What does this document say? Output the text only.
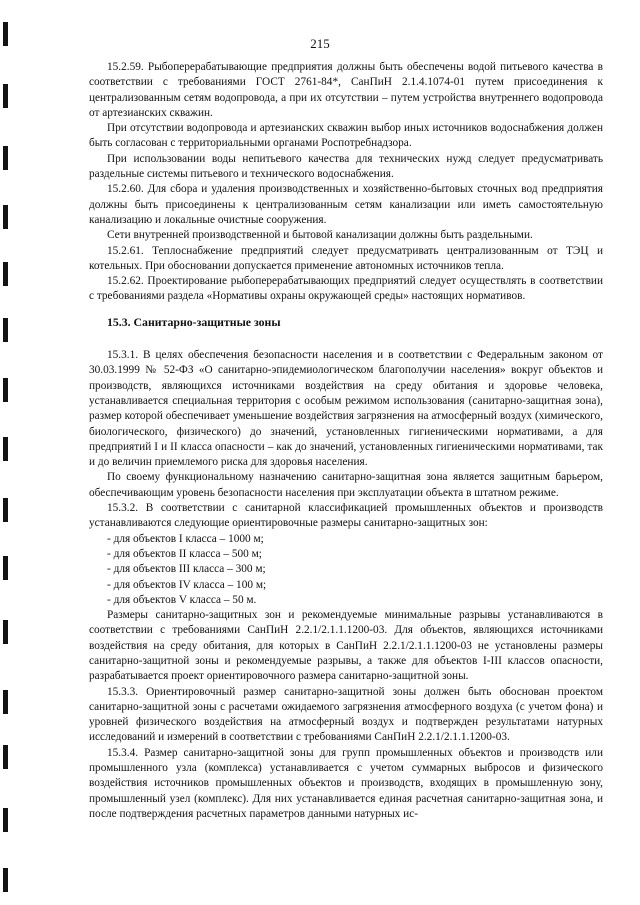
215

15.2.59. Рыбоперерабатывающие предприятия должны быть обеспечены водой питьевого качества в соответствии с требованиями ГОСТ 2761-84*, СанПиН 2.1.4.1074-01 путем присоединения к централизованным сетям водопровода, а при их отсутствии – путем устройства внутреннего водопровода от артезианских скважин.

При отсутствии водопровода и артезианских скважин выбор иных источников водоснабжения должен быть согласован с территориальными органами Роспотребнадзора.

При использовании воды непитьевого качества для технических нужд следует предусматривать раздельные системы питьевого и технического водоснабжения.

15.2.60. Для сбора и удаления производственных и хозяйственно-бытовых сточных вод предприятия должны быть присоединены к централизованным сетям канализации или иметь самостоятельную канализацию и локальные очистные сооружения.

Сети внутренней производственной и бытовой канализации должны быть раздельными.

15.2.61. Теплоснабжение предприятий следует предусматривать централизованным от ТЭЦ и котельных. При обосновании допускается применение автономных источников тепла.

15.2.62. Проектирование рыбоперерабатывающих предприятий следует осуществлять в соответствии с требованиями раздела «Нормативы охраны окружающей среды» настоящих нормативов.

15.3. Санитарно-защитные зоны

15.3.1. В целях обеспечения безопасности населения и в соответствии с Федеральным законом от 30.03.1999 № 52-ФЗ «О санитарно-эпидемиологическом благополучии населения» вокруг объектов и производств, являющихся источниками воздействия на среду обитания и здоровье человека, устанавливается специальная территория с особым режимом использования (санитарно-защитная зона), размер которой обеспечивает уменьшение воздействия загрязнения на атмосферный воздух (химического, биологического, физического) до значений, установленных гигиеническими нормативами, а для предприятий I и II класса опасности – как до значений, установленных гигиеническими нормативами, так и до величин приемлемого риска для здоровья населения.

По своему функциональному назначению санитарно-защитная зона является защитным барьером, обеспечивающим уровень безопасности населения при эксплуатации объекта в штатном режиме.

15.3.2. В соответствии с санитарной классификацией промышленных объектов и производств устанавливаются следующие ориентировочные размеры санитарно-защитных зон:

- для объектов I класса – 1000 м;
- для объектов II класса – 500 м;
- для объектов III класса – 300 м;
- для объектов IV класса – 100 м;
- для объектов V класса – 50 м.

Размеры санитарно-защитных зон и рекомендуемые минимальные разрывы устанавливаются в соответствии с требованиями СанПиН 2.2.1/2.1.1.1200-03. Для объектов, являющихся источниками воздействия на среду обитания, для которых в СанПиН 2.2.1/2.1.1.1200-03 не установлены размеры санитарно-защитной зоны и рекомендуемые разрывы, а также для объектов I-III классов опасности, разрабатывается проект ориентировочного размера санитарно-защитной зоны.

15.3.3. Ориентировочный размер санитарно-защитной зоны должен быть обоснован проектом санитарно-защитной зоны с расчетами ожидаемого загрязнения атмосферного воздуха (с учетом фона) и уровней физического воздействия на атмосферный воздух и подтвержден результатами натурных исследований и измерений в соответствии с требованиями СанПиН 2.2.1/2.1.1.1200-03.

15.3.4. Размер санитарно-защитной зоны для групп промышленных объектов и производств или промышленного узла (комплекса) устанавливается с учетом суммарных выбросов и физического воздействия источников промышленных объектов и производств, входящих в промышленную зону, промышленный узел (комплекс). Для них устанавливается единая расчетная санитарно-защитная зона, и после подтверждения расчетных параметров данными натурных ис-
